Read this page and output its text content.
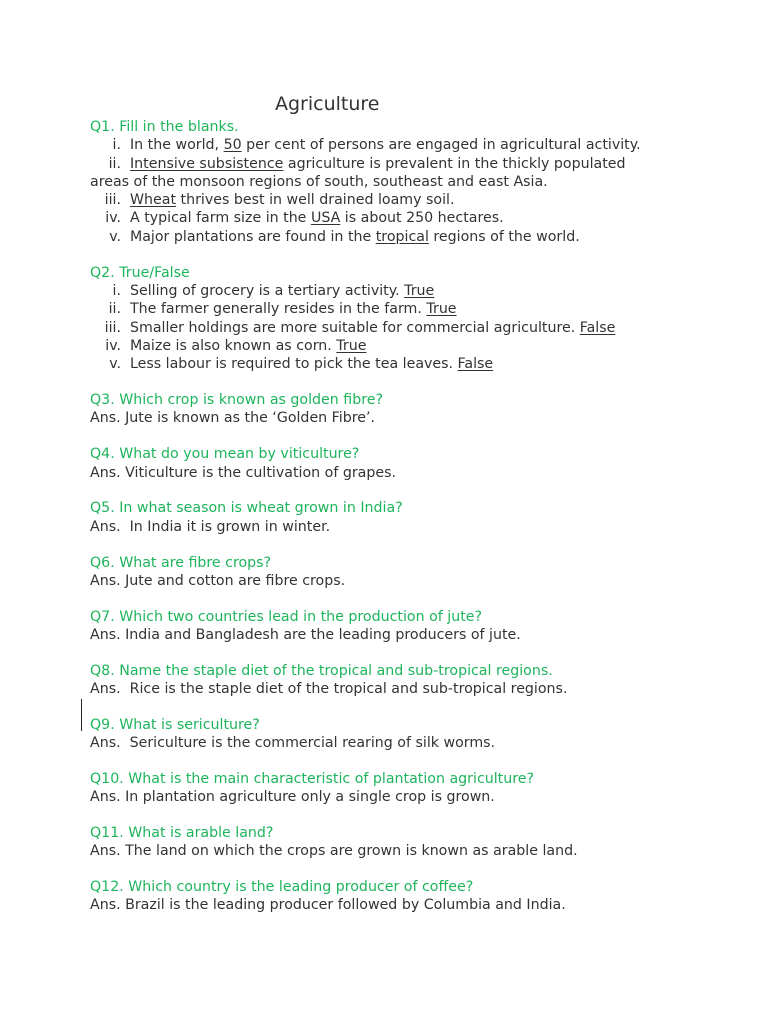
Agriculture
Q1. Fill in the blanks.
i. In the world, 50 per cent of persons are engaged in agricultural activity.
ii. Intensive subsistence agriculture is prevalent in the thickly populated
areas of the monsoon regions of south, southeast and east Asia.
iii. Wheat thrives best in well drained loamy soil.
iv. A typical farm size in the USA is about 250 hectares.
v. Major plantations are found in the tropical regions of the world.
Q2. True/False
i. Selling of grocery is a tertiary activity. True
ii. The farmer generally resides in the farm. True
iii. Smaller holdings are more suitable for commercial agriculture. False
iv. Maize is also known as corn. True
v. Less labour is required to pick the tea leaves. False
Q3. Which crop is known as golden fibre?
Ans. Jute is known as the ‘Golden Fibre’.
Q4. What do you mean by viticulture?
Ans. Viticulture is the cultivation of grapes.
Q5. In what season is wheat grown in India?
Ans.  In India it is grown in winter.
Q6. What are fibre crops?
Ans. Jute and cotton are fibre crops.
Q7. Which two countries lead in the production of jute?
Ans. India and Bangladesh are the leading producers of jute.
Q8. Name the staple diet of the tropical and sub-tropical regions.
Ans.  Rice is the staple diet of the tropical and sub-tropical regions.
Q9. What is sericulture?
Ans.  Sericulture is the commercial rearing of silk worms.
Q10. What is the main characteristic of plantation agriculture?
Ans. In plantation agriculture only a single crop is grown.
Q11. What is arable land?
Ans. The land on which the crops are grown is known as arable land.
Q12. Which country is the leading producer of coffee?
Ans. Brazil is the leading producer followed by Columbia and India.
